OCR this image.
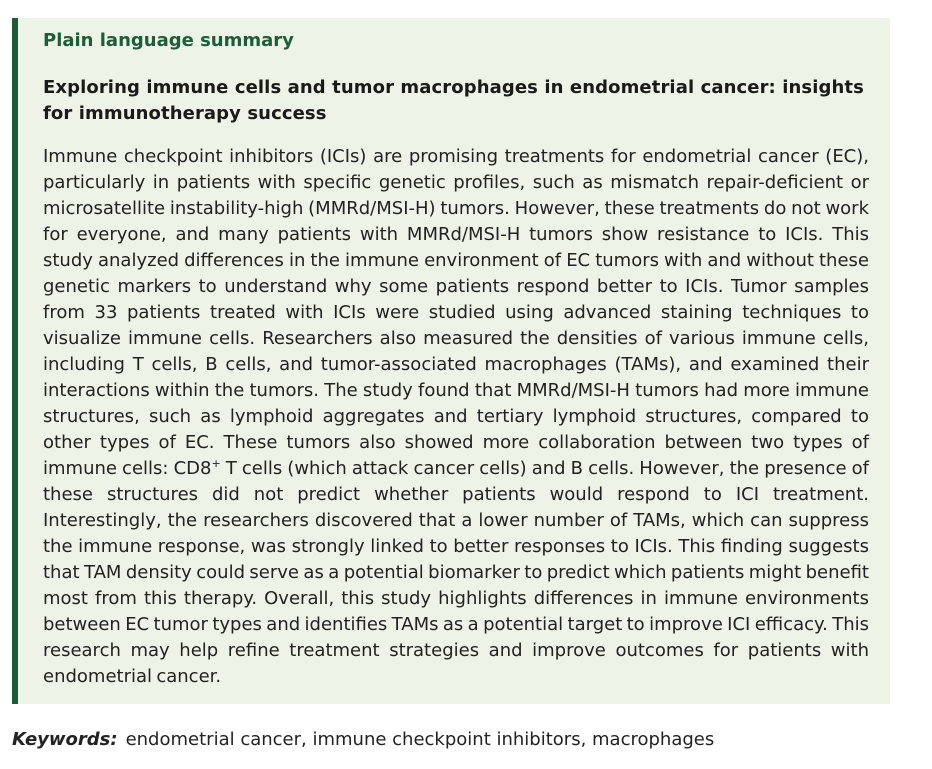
Plain language summary
Exploring immune cells and tumor macrophages in endometrial cancer: insights for immunotherapy success

Immune checkpoint inhibitors (ICIs) are promising treatments for endometrial cancer (EC), particularly in patients with specific genetic profiles, such as mismatch repair-deficient or microsatellite instability-high (MMRd/MSI-H) tumors. However, these treatments do not work for everyone, and many patients with MMRd/MSI-H tumors show resistance to ICIs. This study analyzed differences in the immune environment of EC tumors with and without these genetic markers to understand why some patients respond better to ICIs. Tumor samples from 33 patients treated with ICIs were studied using advanced staining techniques to visualize immune cells. Researchers also measured the densities of various immune cells, including T cells, B cells, and tumor-associated macrophages (TAMs), and examined their interactions within the tumors. The study found that MMRd/MSI-H tumors had more immune structures, such as lymphoid aggregates and tertiary lymphoid structures, compared to other types of EC. These tumors also showed more collaboration between two types of immune cells: CD8+ T cells (which attack cancer cells) and B cells. However, the presence of these structures did not predict whether patients would respond to ICI treatment. Interestingly, the researchers discovered that a lower number of TAMs, which can suppress the immune response, was strongly linked to better responses to ICIs. This finding suggests that TAM density could serve as a potential biomarker to predict which patients might benefit most from this therapy. Overall, this study highlights differences in immune environments between EC tumor types and identifies TAMs as a potential target to improve ICI efficacy. This research may help refine treatment strategies and improve outcomes for patients with endometrial cancer.

Keywords: endometrial cancer, immune checkpoint inhibitors, macrophages
